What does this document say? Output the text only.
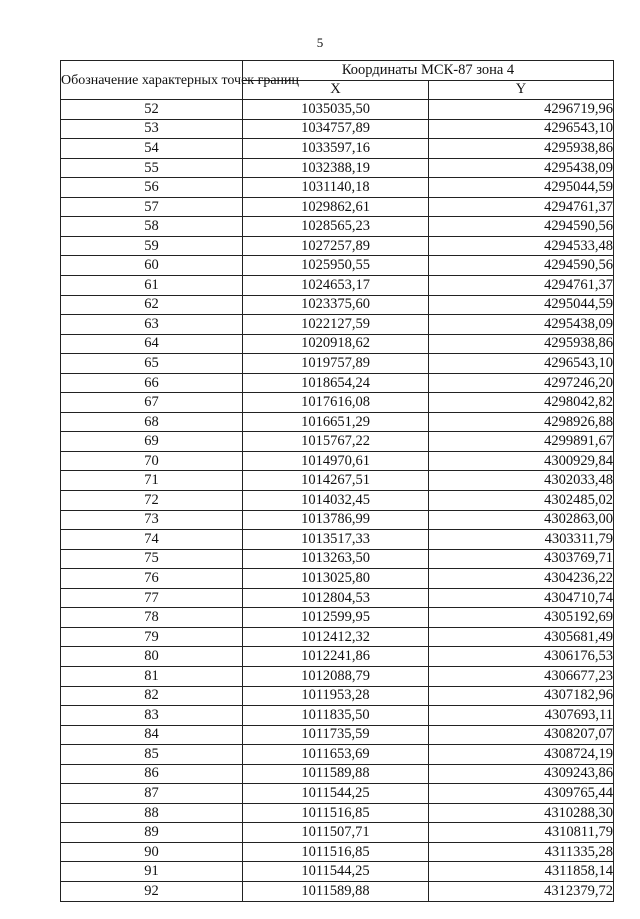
5
Обозначение характерных точек границ	Координаты МСК-87 зона 4	
	X	Y
52	1035035,50	4296719,96
53	1034757,89	4296543,10
54	1033597,16	4295938,86
55	1032388,19	4295438,09
56	1031140,18	4295044,59
57	1029862,61	4294761,37
58	1028565,23	4294590,56
59	1027257,89	4294533,48
60	1025950,55	4294590,56
61	1024653,17	4294761,37
62	1023375,60	4295044,59
63	1022127,59	4295438,09
64	1020918,62	4295938,86
65	1019757,89	4296543,10
66	1018654,24	4297246,20
67	1017616,08	4298042,82
68	1016651,29	4298926,88
69	1015767,22	4299891,67
70	1014970,61	4300929,84
71	1014267,51	4302033,48
72	1014032,45	4302485,02
73	1013786,99	4302863,00
74	1013517,33	4303311,79
75	1013263,50	4303769,71
76	1013025,80	4304236,22
77	1012804,53	4304710,74
78	1012599,95	4305192,69
79	1012412,32	4305681,49
80	1012241,86	4306176,53
81	1012088,79	4306677,23
82	1011953,28	4307182,96
83	1011835,50	4307693,11
84	1011735,59	4308207,07
85	1011653,69	4308724,19
86	1011589,88	4309243,86
87	1011544,25	4309765,44
88	1011516,85	4310288,30
89	1011507,71	4310811,79
90	1011516,85	4311335,28
91	1011544,25	4311858,14
92	1011589,88	4312379,72
